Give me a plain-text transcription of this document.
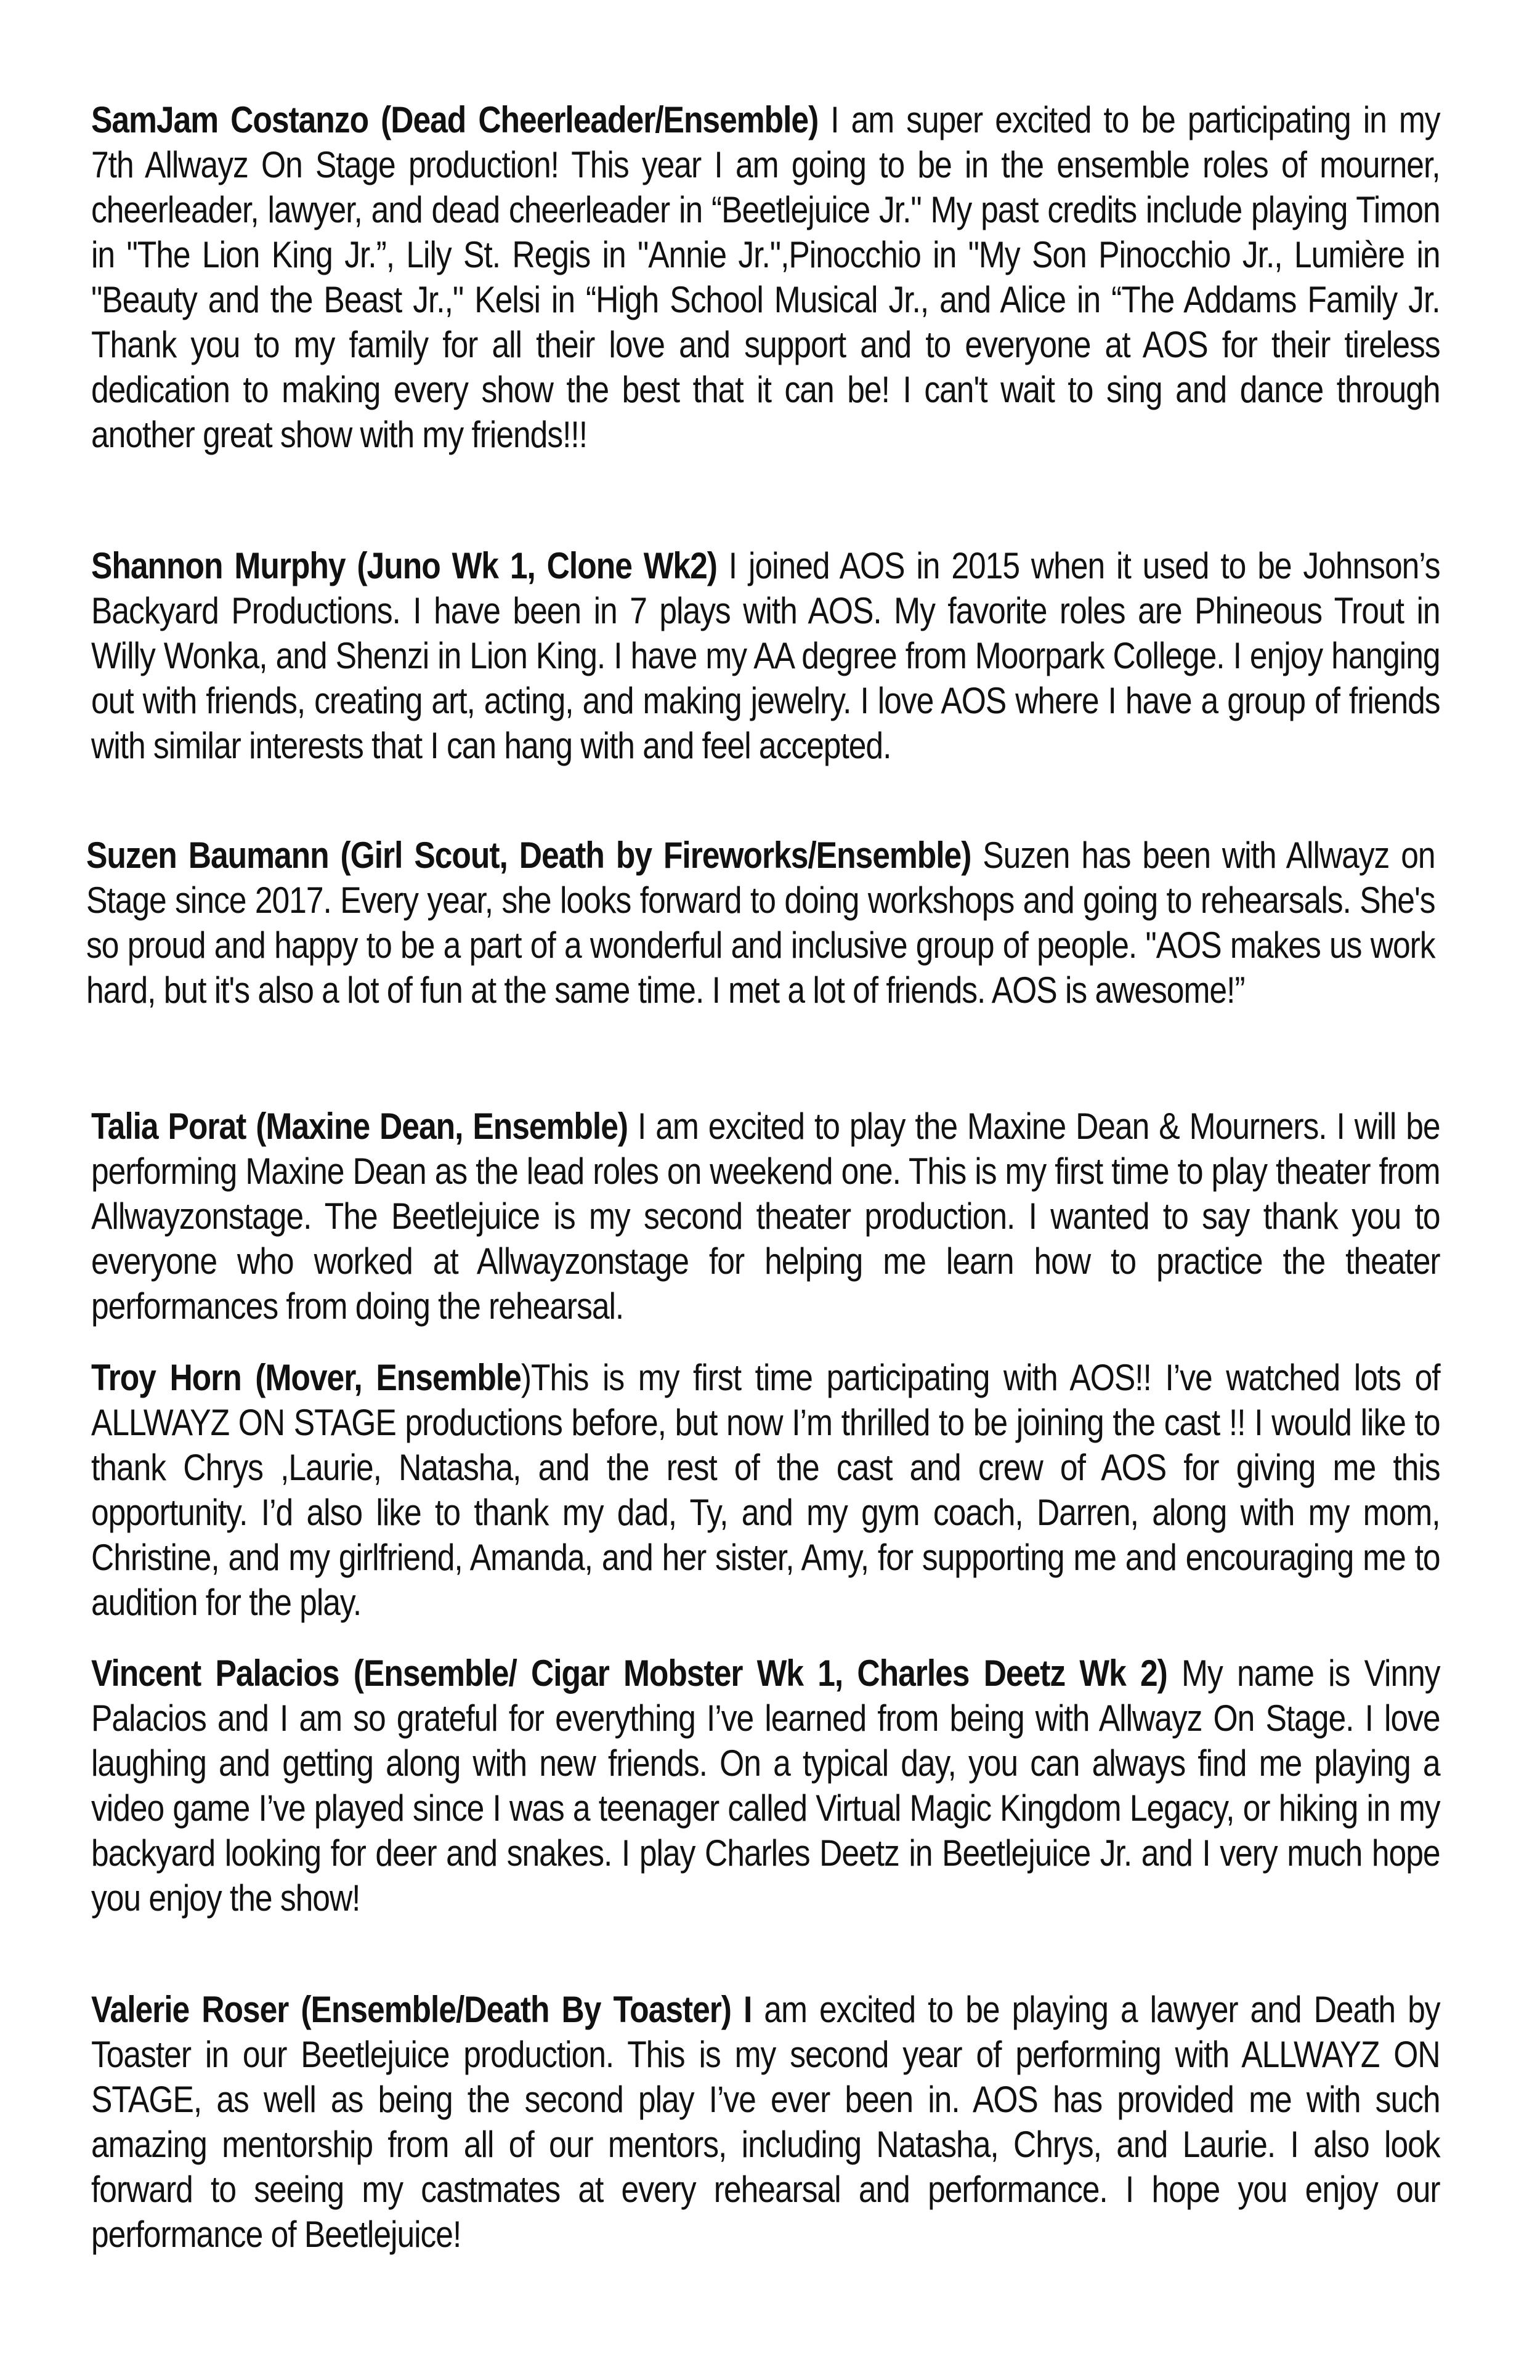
SamJam Costanzo (Dead Cheerleader/Ensemble) I am super excited to be participating in my 7th Allwayz On Stage production! This year I am going to be in the ensemble roles of mourner, cheerleader, lawyer, and dead cheerleader in “Beetlejuice Jr." My past credits include playing Timon in "The Lion King Jr.”, Lily St. Regis in "Annie Jr.",Pinocchio in "My Son Pinocchio Jr., Lumière in "Beauty and the Beast Jr.," Kelsi in “High School Musical Jr., and Alice in “The Addams Family Jr. Thank you to my family for all their love and support and to everyone at AOS for their tireless dedication to making every show the best that it can be! I can't wait to sing and dance through another great show with my friends!!!

Shannon Murphy (Juno Wk 1, Clone Wk2) I joined AOS in 2015 when it used to be Johnson’s Backyard Productions. I have been in 7 plays with AOS. My favorite roles are Phineous Trout in Willy Wonka, and Shenzi in Lion King. I have my AA degree from Moorpark College. I enjoy hanging out with friends, creating art, acting, and making jewelry. I love AOS where I have a group of friends with similar interests that I can hang with and feel accepted.

Suzen Baumann (Girl Scout, Death by Fireworks/Ensemble) Suzen has been with Allwayz on Stage since 2017. Every year, she looks forward to doing workshops and going to rehearsals. She's so proud and happy to be a part of a wonderful and inclusive group of people. "AOS makes us work hard, but it's also a lot of fun at the same time. I met a lot of friends. AOS is awesome!”

Talia Porat (Maxine Dean, Ensemble) I am excited to play the Maxine Dean & Mourners. I will be performing Maxine Dean as the lead roles on weekend one. This is my first time to play theater from Allwayzonstage. The Beetlejuice is my second theater production. I wanted to say thank you to everyone who worked at Allwayzonstage for helping me learn how to practice the theater performances from doing the rehearsal.

Troy Horn (Mover, Ensemble)This is my first time participating with AOS!! I’ve watched lots of ALLWAYZ ON STAGE productions before, but now I’m thrilled to be joining the cast !! I would like to thank Chrys ,Laurie, Natasha, and the rest of the cast and crew of AOS for giving me this opportunity. I’d also like to thank my dad, Ty, and my gym coach, Darren, along with my mom, Christine, and my girlfriend, Amanda, and her sister, Amy, for supporting me and encouraging me to audition for the play.

Vincent Palacios (Ensemble/ Cigar Mobster Wk 1, Charles Deetz Wk 2) My name is Vinny Palacios and I am so grateful for everything I’ve learned from being with Allwayz On Stage. I love laughing and getting along with new friends. On a typical day, you can always find me playing a video game I’ve played since I was a teenager called Virtual Magic Kingdom Legacy, or hiking in my backyard looking for deer and snakes. I play Charles Deetz in Beetlejuice Jr. and I very much hope you enjoy the show!

Valerie Roser (Ensemble/Death By Toaster) I am excited to be playing a lawyer and Death by Toaster in our Beetlejuice production. This is my second year of performing with ALLWAYZ ON STAGE, as well as being the second play I’ve ever been in. AOS has provided me with such amazing mentorship from all of our mentors, including Natasha, Chrys, and Laurie. I also look forward to seeing my castmates at every rehearsal and performance. I hope you enjoy our performance of Beetlejuice!
